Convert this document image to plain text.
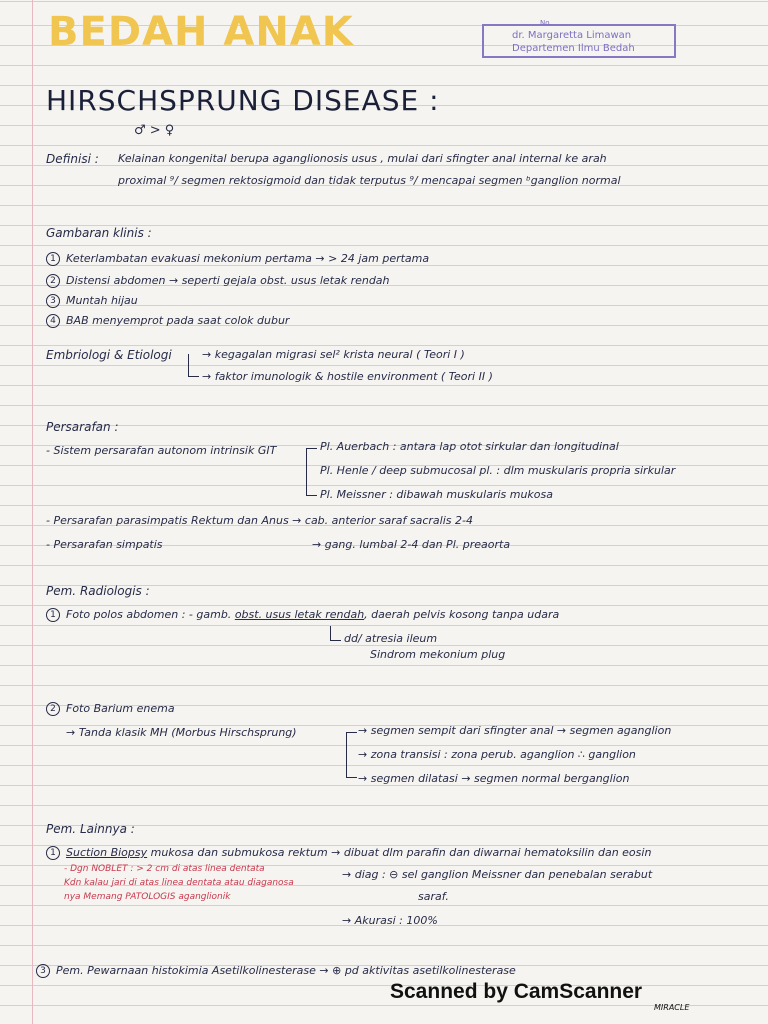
BEDAH ANAK	No.
dr. Margaretta Limawan
Departemen Ilmu Bedah
HIRSCHSPRUNG DISEASE :
♂ > ♀
Definisi : Kelainan kongenital berupa aganglionosis usus , mulai dari sfingter anal internal ke arah
proximal ⁹/ segmen rektosigmoid dan tidak terputus ⁹/ mencapai segmen ᵇganglion normal
Gambaran klinis :
1 Keterlambatan evakuasi mekonium pertama → > 24 jam pertama
2 Distensi abdomen → seperti gejala obst. usus letak rendah
3 Muntah hijau
4 BAB menyemprot pada saat colok dubur
Embriologi & Etiologi	→ kegagalan migrasi sel² krista neural ( Teori I )
→ faktor imunologik & hostile environment ( Teori II )
Persarafan :
- Sistem persarafan autonom intrinsik GIT	Pl. Auerbach : antara lap otot sirkular dan longitudinal
Pl. Henle / deep submucosal pl. : dlm muskularis propria sirkular
Pl. Meissner : dibawah muskularis mukosa
- Persarafan parasimpatis Rektum dan Anus → cab. anterior saraf sacralis 2-4
- Persarafan simpatis	→ gang. lumbal 2-4 dan Pl. preaorta
Pem. Radiologis :
1 Foto polos abdomen : - gamb. obst. usus letak rendah, daerah pelvis kosong tanpa udara
dd/ atresia ileum
Sindrom mekonium plug
2 Foto Barium enema
→ Tanda klasik MH (Morbus Hirschsprung)	→ segmen sempit dari sfingter anal → segmen aganglion
→ zona transisi : zona perub. aganglion ∴ ganglion
→ segmen dilatasi → segmen normal berganglion
Pem. Lainnya :
1 Suction Biopsy mukosa dan submukosa rektum → dibuat dlm parafin dan diwarnai hematoksilin dan eosin
- Dgn NOBLET : > 2 cm di atas linea dentata
Kdn kalau jari di atas linea dentata atau diaganosa
nya Memang PATOLOGIS aganglionik
→ diag : ⊖ sel ganglion Meissner dan penebalan serabut
saraf.
→ Akurasi : 100%
3 Pem. Pewarnaan histokimia Asetilkolinesterase → ⊕ pd aktivitas asetilkolinesterase
Scanned by CamScanner
MIRACLE
